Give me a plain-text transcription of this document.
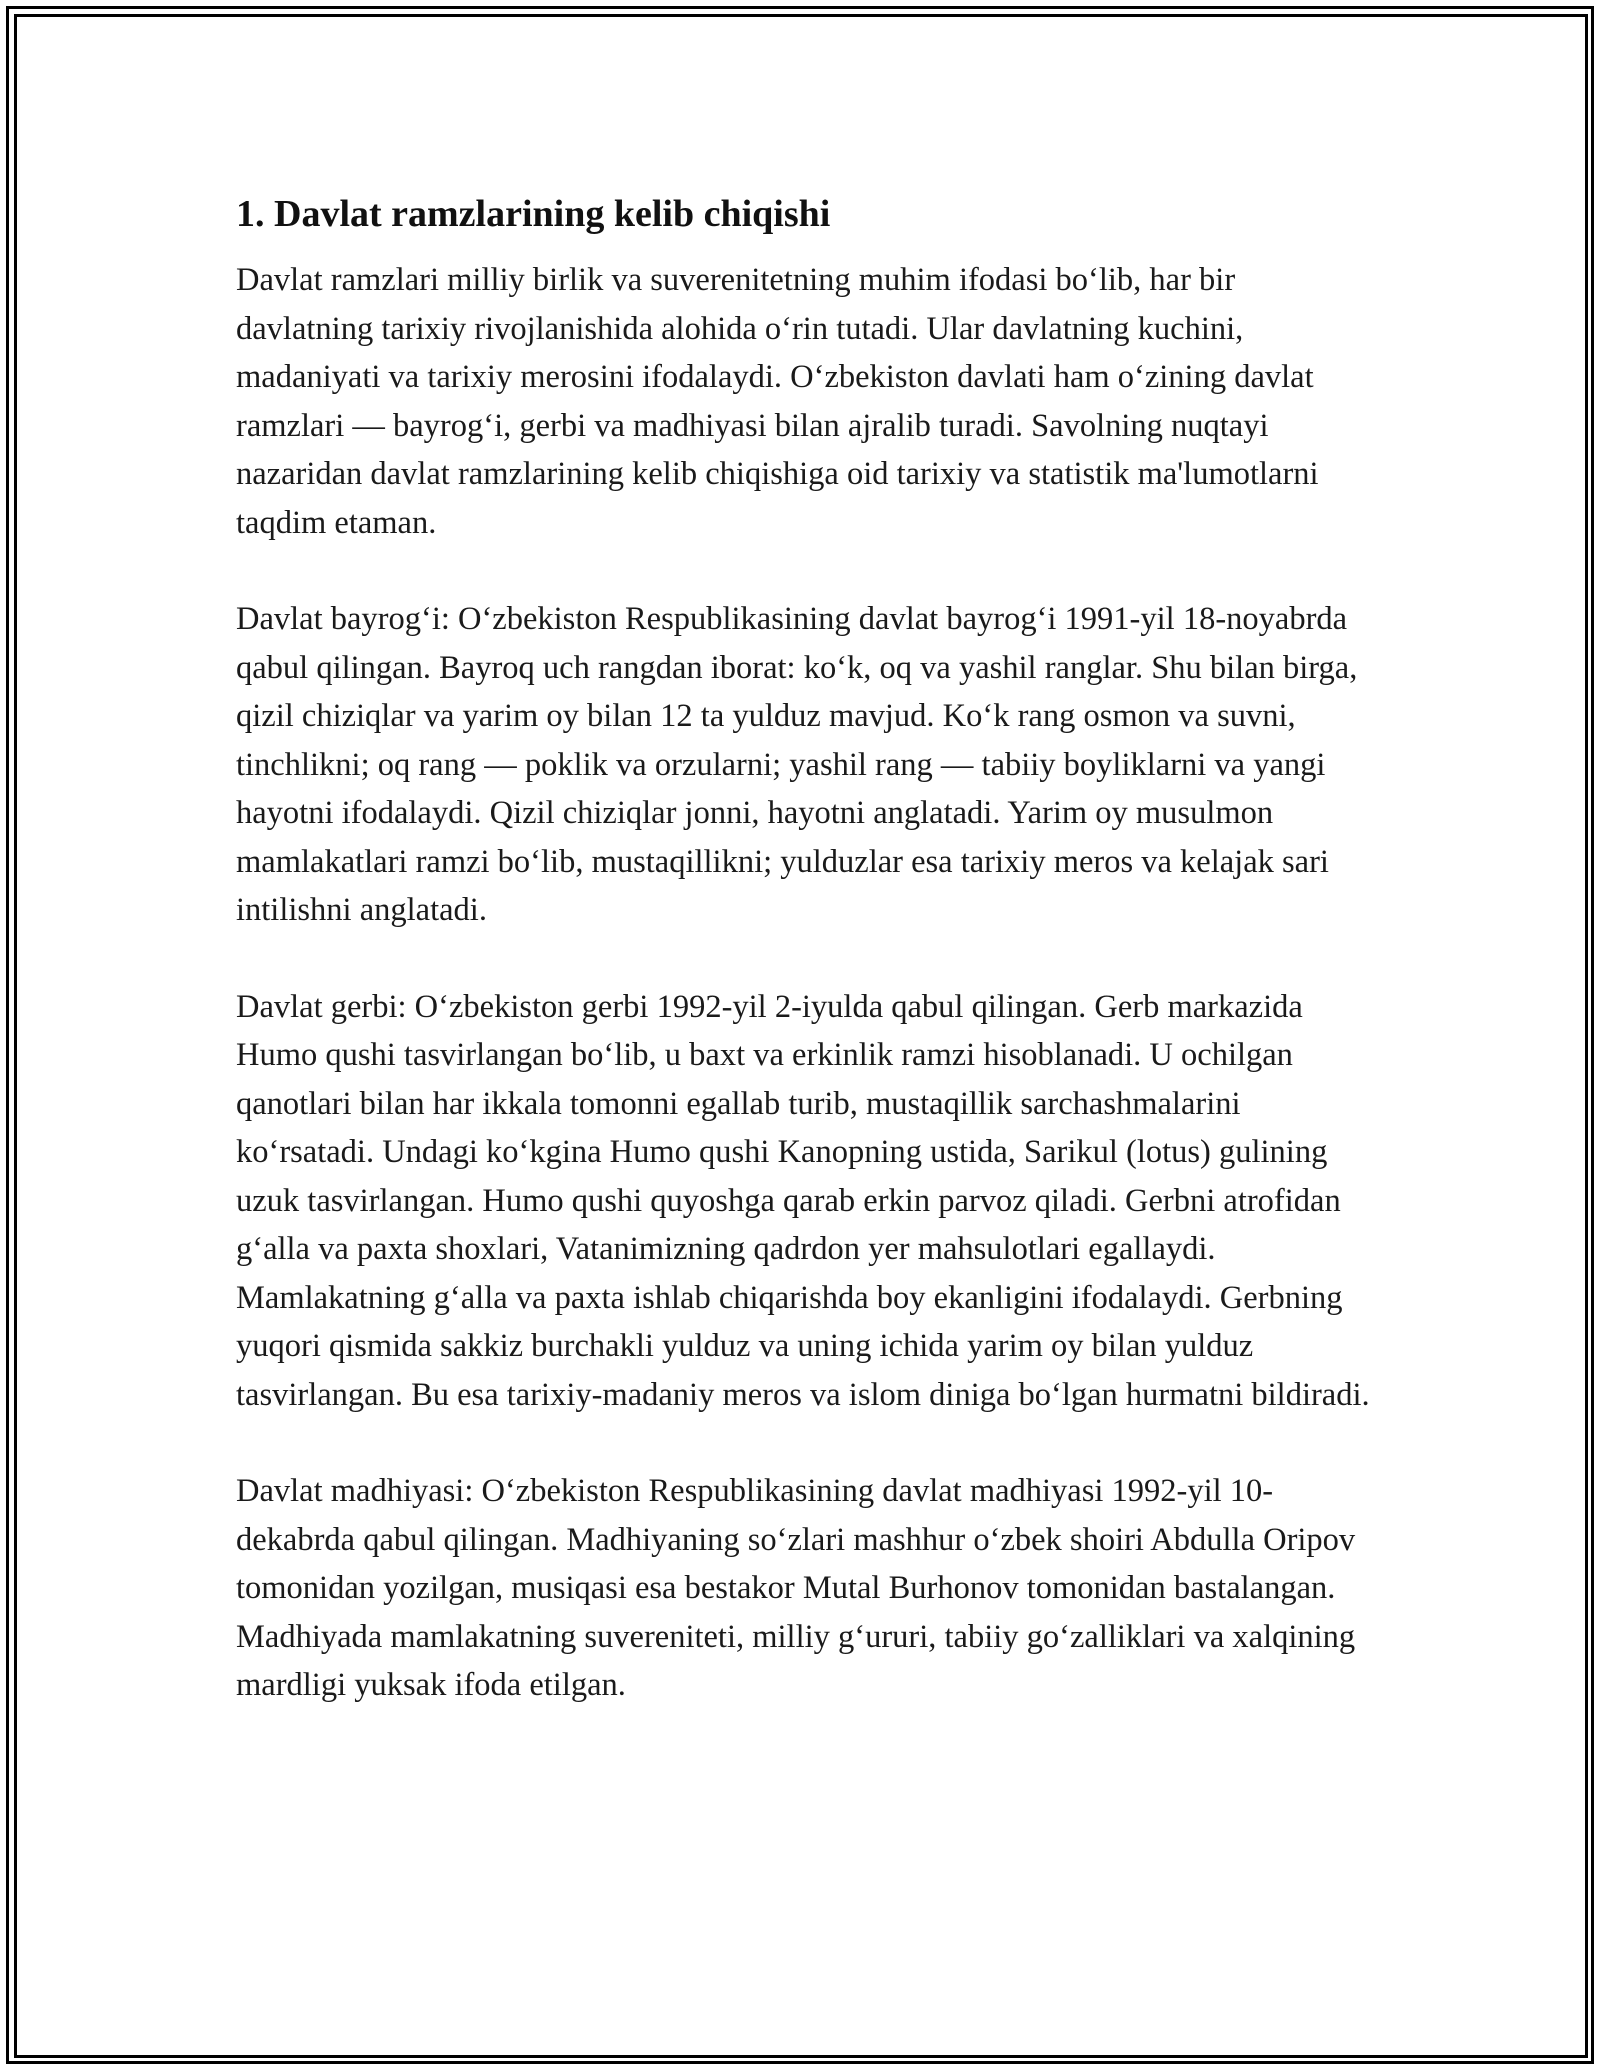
1. Davlat ramzlarining kelib chiqishi

Davlat ramzlari milliy birlik va suverenitetning muhim ifodasi bo‘lib, har bir davlatning tarixiy rivojlanishida alohida o‘rin tutadi. Ular davlatning kuchini, madaniyati va tarixiy merosini ifodalaydi. O‘zbekiston davlati ham o‘zining davlat ramzlari — bayrog‘i, gerbi va madhiyasi bilan ajralib turadi. Savolning nuqtayi nazaridan davlat ramzlarining kelib chiqishiga oid tarixiy va statistik ma'lumotlarni taqdim etaman.

Davlat bayrog‘i: O‘zbekiston Respublikasining davlat bayrog‘i 1991-yil 18-noyabrda qabul qilingan. Bayroq uch rangdan iborat: ko‘k, oq va yashil ranglar. Shu bilan birga, qizil chiziqlar va yarim oy bilan 12 ta yulduz mavjud. Ko‘k rang osmon va suvni, tinchlikni; oq rang — poklik va orzularni; yashil rang — tabiiy boyliklarni va yangi hayotni ifodalaydi. Qizil chiziqlar jonni, hayotni anglatadi. Yarim oy musulmon mamlakatlari ramzi bo‘lib, mustaqillikni; yulduzlar esa tarixiy meros va kelajak sari intilishni anglatadi.

Davlat gerbi: O‘zbekiston gerbi 1992-yil 2-iyulda qabul qilingan. Gerb markazida Humo qushi tasvirlangan bo‘lib, u baxt va erkinlik ramzi hisoblanadi. U ochilgan qanotlari bilan har ikkala tomonni egallab turib, mustaqillik sarchashmalarini ko‘rsatadi. Undagi ko‘kgina Humo qushi Kanopning ustida, Sarikul (lotus) gulining uzuk tasvirlangan. Humo qushi quyoshga qarab erkin parvoz qiladi. Gerbni atrofidan g‘alla va paxta shoxlari, Vatanimizning qadrdon yer mahsulotlari egallaydi. Mamlakatning g‘alla va paxta ishlab chiqarishda boy ekanligini ifodalaydi. Gerbning yuqori qismida sakkiz burchakli yulduz va uning ichida yarim oy bilan yulduz tasvirlangan. Bu esa tarixiy-madaniy meros va islom diniga bo‘lgan hurmatni bildiradi.

Davlat madhiyasi: O‘zbekiston Respublikasining davlat madhiyasi 1992-yil 10-dekabrda qabul qilingan. Madhiyaning so‘zlari mashhur o‘zbek shoiri Abdulla Oripov tomonidan yozilgan, musiqasi esa bestakor Mutal Burhonov tomonidan bastalangan. Madhiyada mamlakatning suvereniteti, milliy g‘ururi, tabiiy go‘zalliklari va xalqining mardligi yuksak ifoda etilgan.
